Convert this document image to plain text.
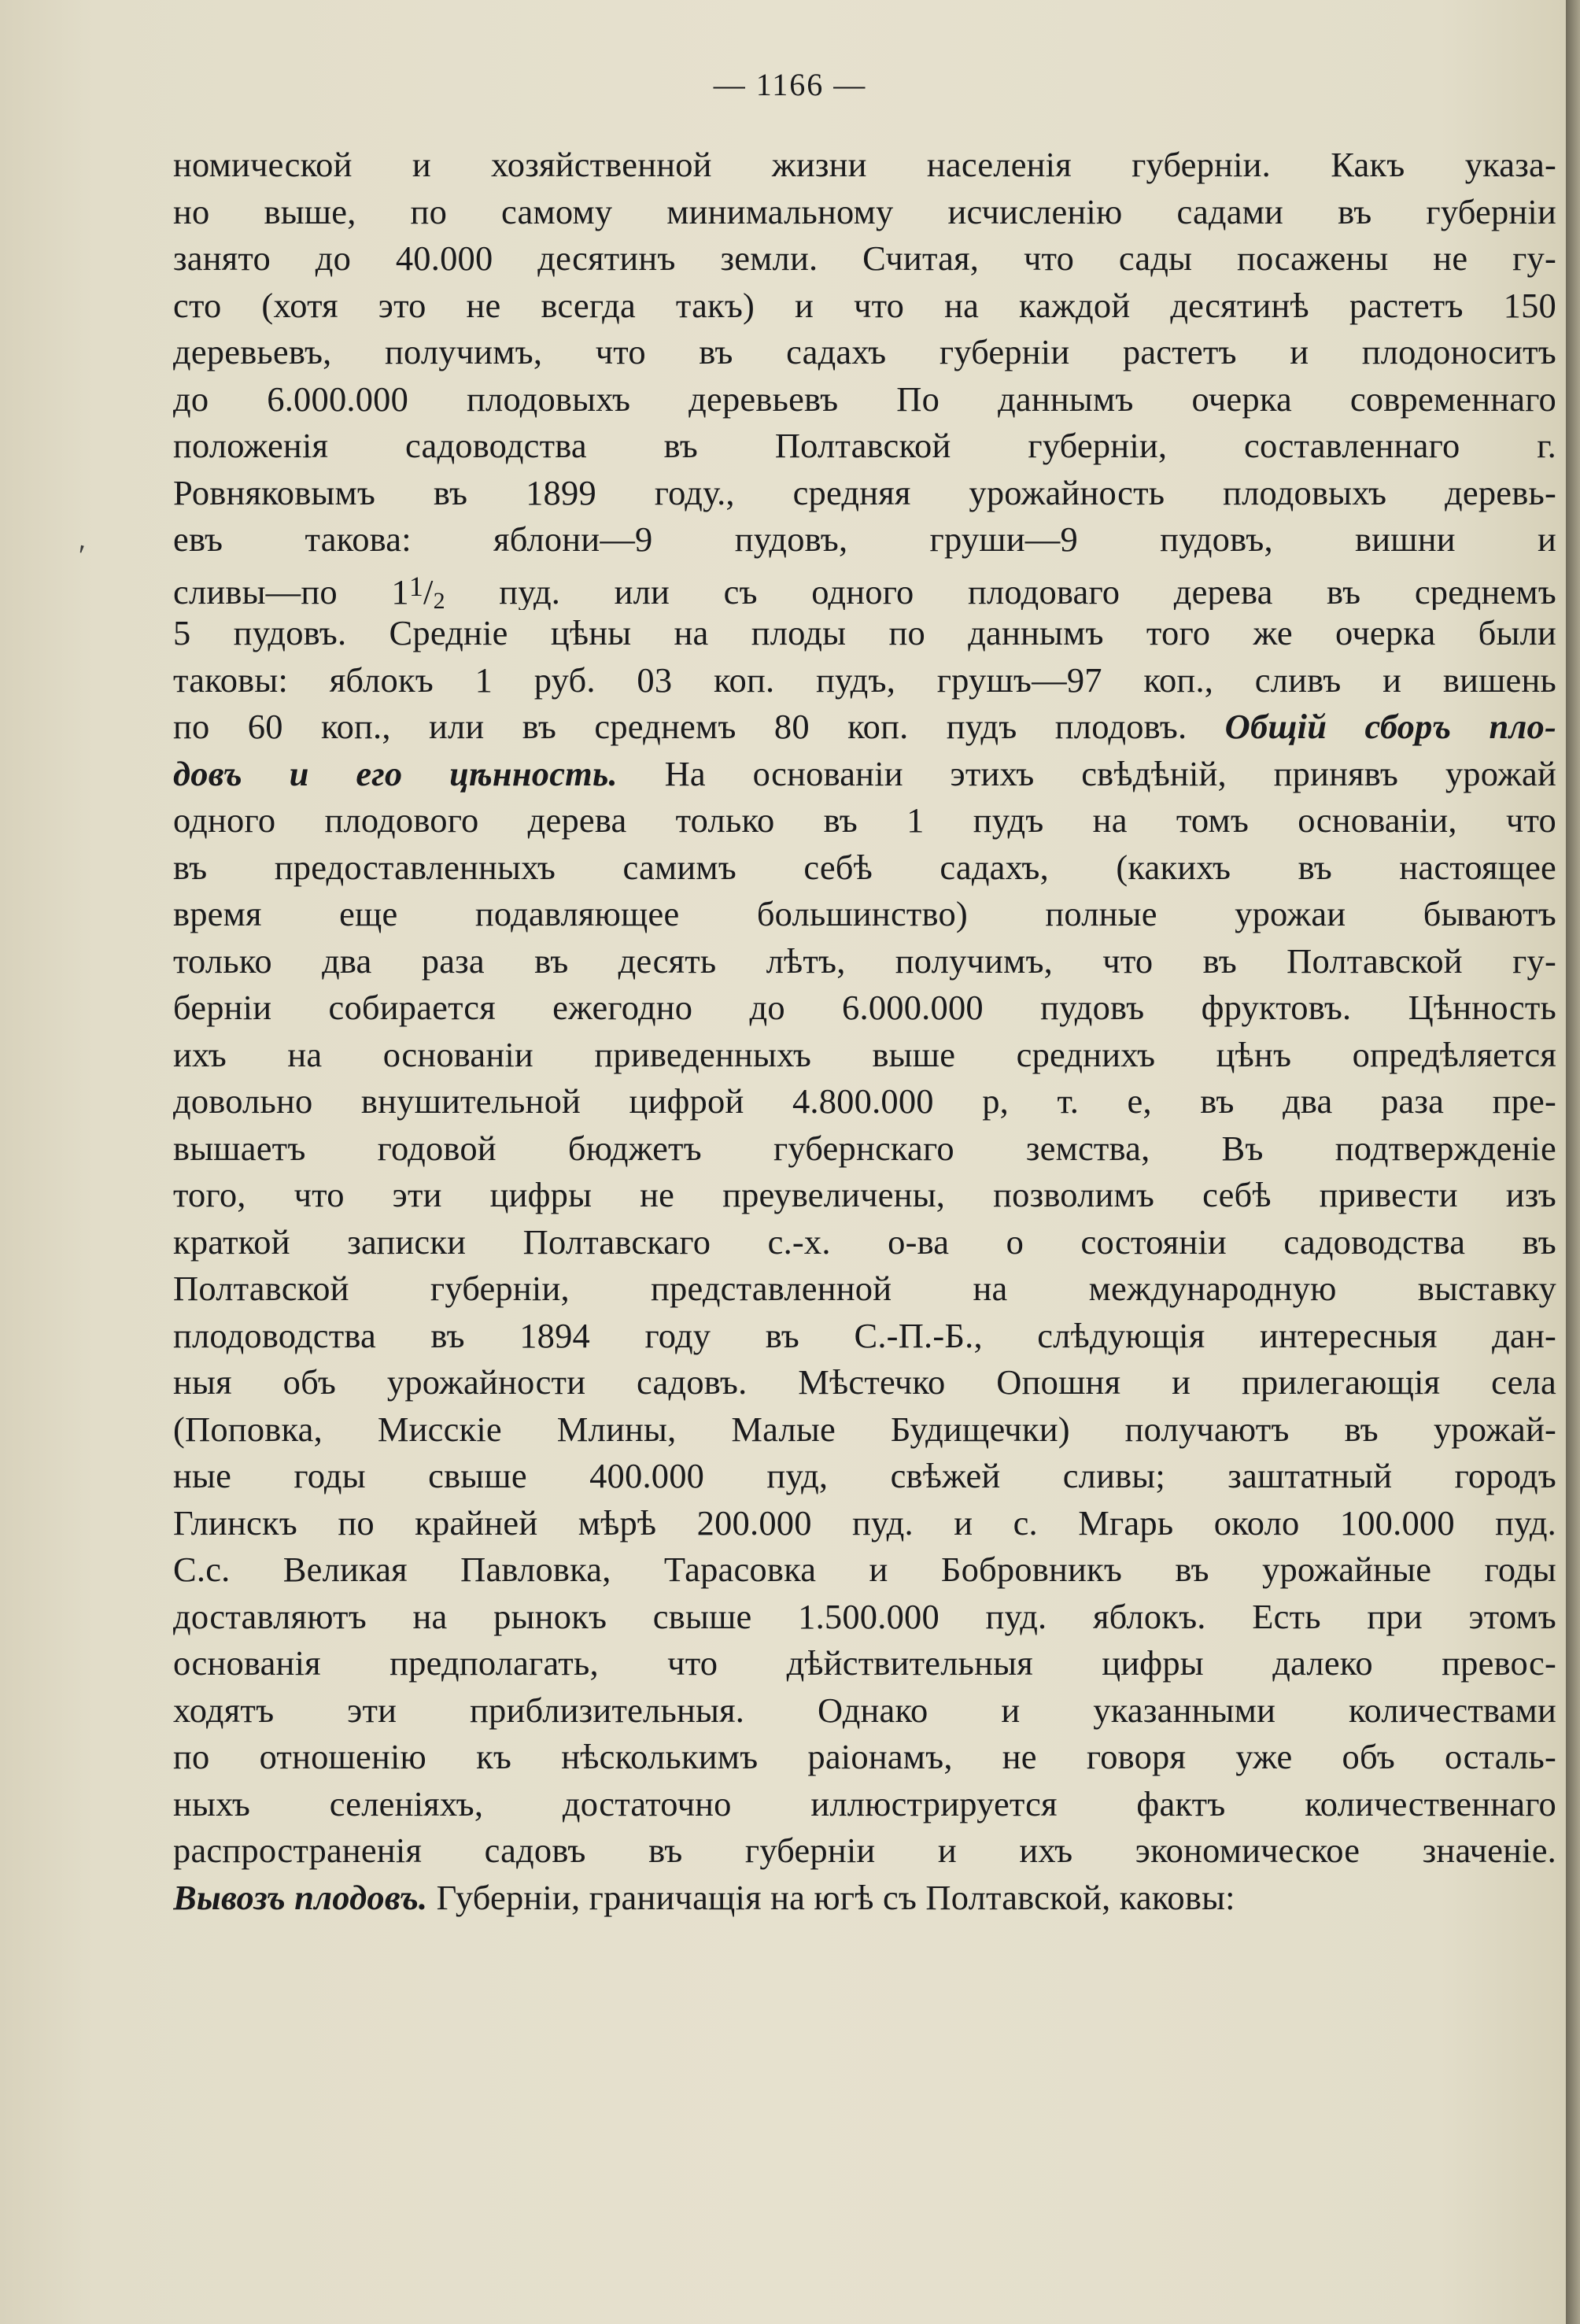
— 1166 —
'
номической и хозяйственной жизни населенія губерніи. Какъ указа-
но выше, по самому минимальному исчисленію садами въ губерніи
занято до 40.000 десятинъ земли. Считая, что сады посажены не гу-
сто (хотя это не всегда такъ) и что на каждой десятинѣ растетъ 150
деревьевъ, получимъ, что въ садахъ губерніи растетъ и плодоноситъ
до 6.000.000 плодовыхъ деревьевъ По даннымъ очерка современнаго
положенія садоводства въ Полтавской губерніи, составленнаго г.
Ровняковымъ въ 1899 году., средняя урожайность плодовыхъ деревь-
евъ такова: яблони—9 пудовъ, груши—9 пудовъ, вишни и
сливы—по $1^1/2$ пуд. или съ одного плодоваго дерева въ среднемъ
5 пудовъ. Средніе цѣны на плоды по даннымъ того же очерка были
таковы: яблокъ 1 руб. 03 коп. пудъ, грушъ—97 коп., сливъ и вишень
по 60 коп., или въ среднемъ 80 коп. пудъ плодовъ. Общій сборъ пло-
довъ и его цѣнность. На основаніи этихъ свѣдѣній, принявъ урожай
одного плодового дерева только въ 1 пудъ на томъ основаніи, что
въ предоставленныхъ самимъ себѣ садахъ, (какихъ въ настоящее
время еще подавляющее большинство) полные урожаи бываютъ
только два раза въ десять лѣтъ, получимъ, что въ Полтавской гу-
берніи собирается ежегодно до 6.000.000 пудовъ фруктовъ. Цѣнность
ихъ на основаніи приведенныхъ выше среднихъ цѣнъ опредѣляется
довольно внушительной цифрой 4.800.000 р, т. е, въ два раза пре-
вышаетъ годовой бюджетъ губернскаго земства, Въ подтвержденіе
того, что эти цифры не преувеличены, позволимъ себѣ привести изъ
краткой записки Полтавскаго с.-х. о-ва о состояніи садоводства въ
Полтавской губерніи, представленной на международную выставку
плодоводства въ 1894 году въ С.-П.-Б., слѣдующія интересныя дан-
ныя объ урожайности садовъ. Мѣстечко Опошня и прилегающія села
(Поповка, Мисскіе Млины, Малые Будищечки) получаютъ въ урожай-
ные годы свыше 400.000 пуд, свѣжей сливы; заштатный городъ
Глинскъ по крайней мѣрѣ 200.000 пуд. и с. Мгарь около 100.000 пуд.
С.с. Великая Павловка, Тарасовка и Бобровникъ въ урожайные годы
доставляютъ на рынокъ свыше 1.500.000 пуд. яблокъ. Есть при этомъ
основанія предполагать, что дѣйствительныя цифры далеко превос-
ходятъ эти приблизительныя. Однако и указанными количествами
по отношенію къ нѣсколькимъ раіонамъ, не говоря уже объ осталь-
ныхъ селеніяхъ, достаточно иллюстрируется фактъ количественнаго
распространенія садовъ въ губерніи и ихъ экономическое значеніе.
Вывозъ плодовъ. Губерніи, граничащія на югѣ съ Полтавской, каковы:
